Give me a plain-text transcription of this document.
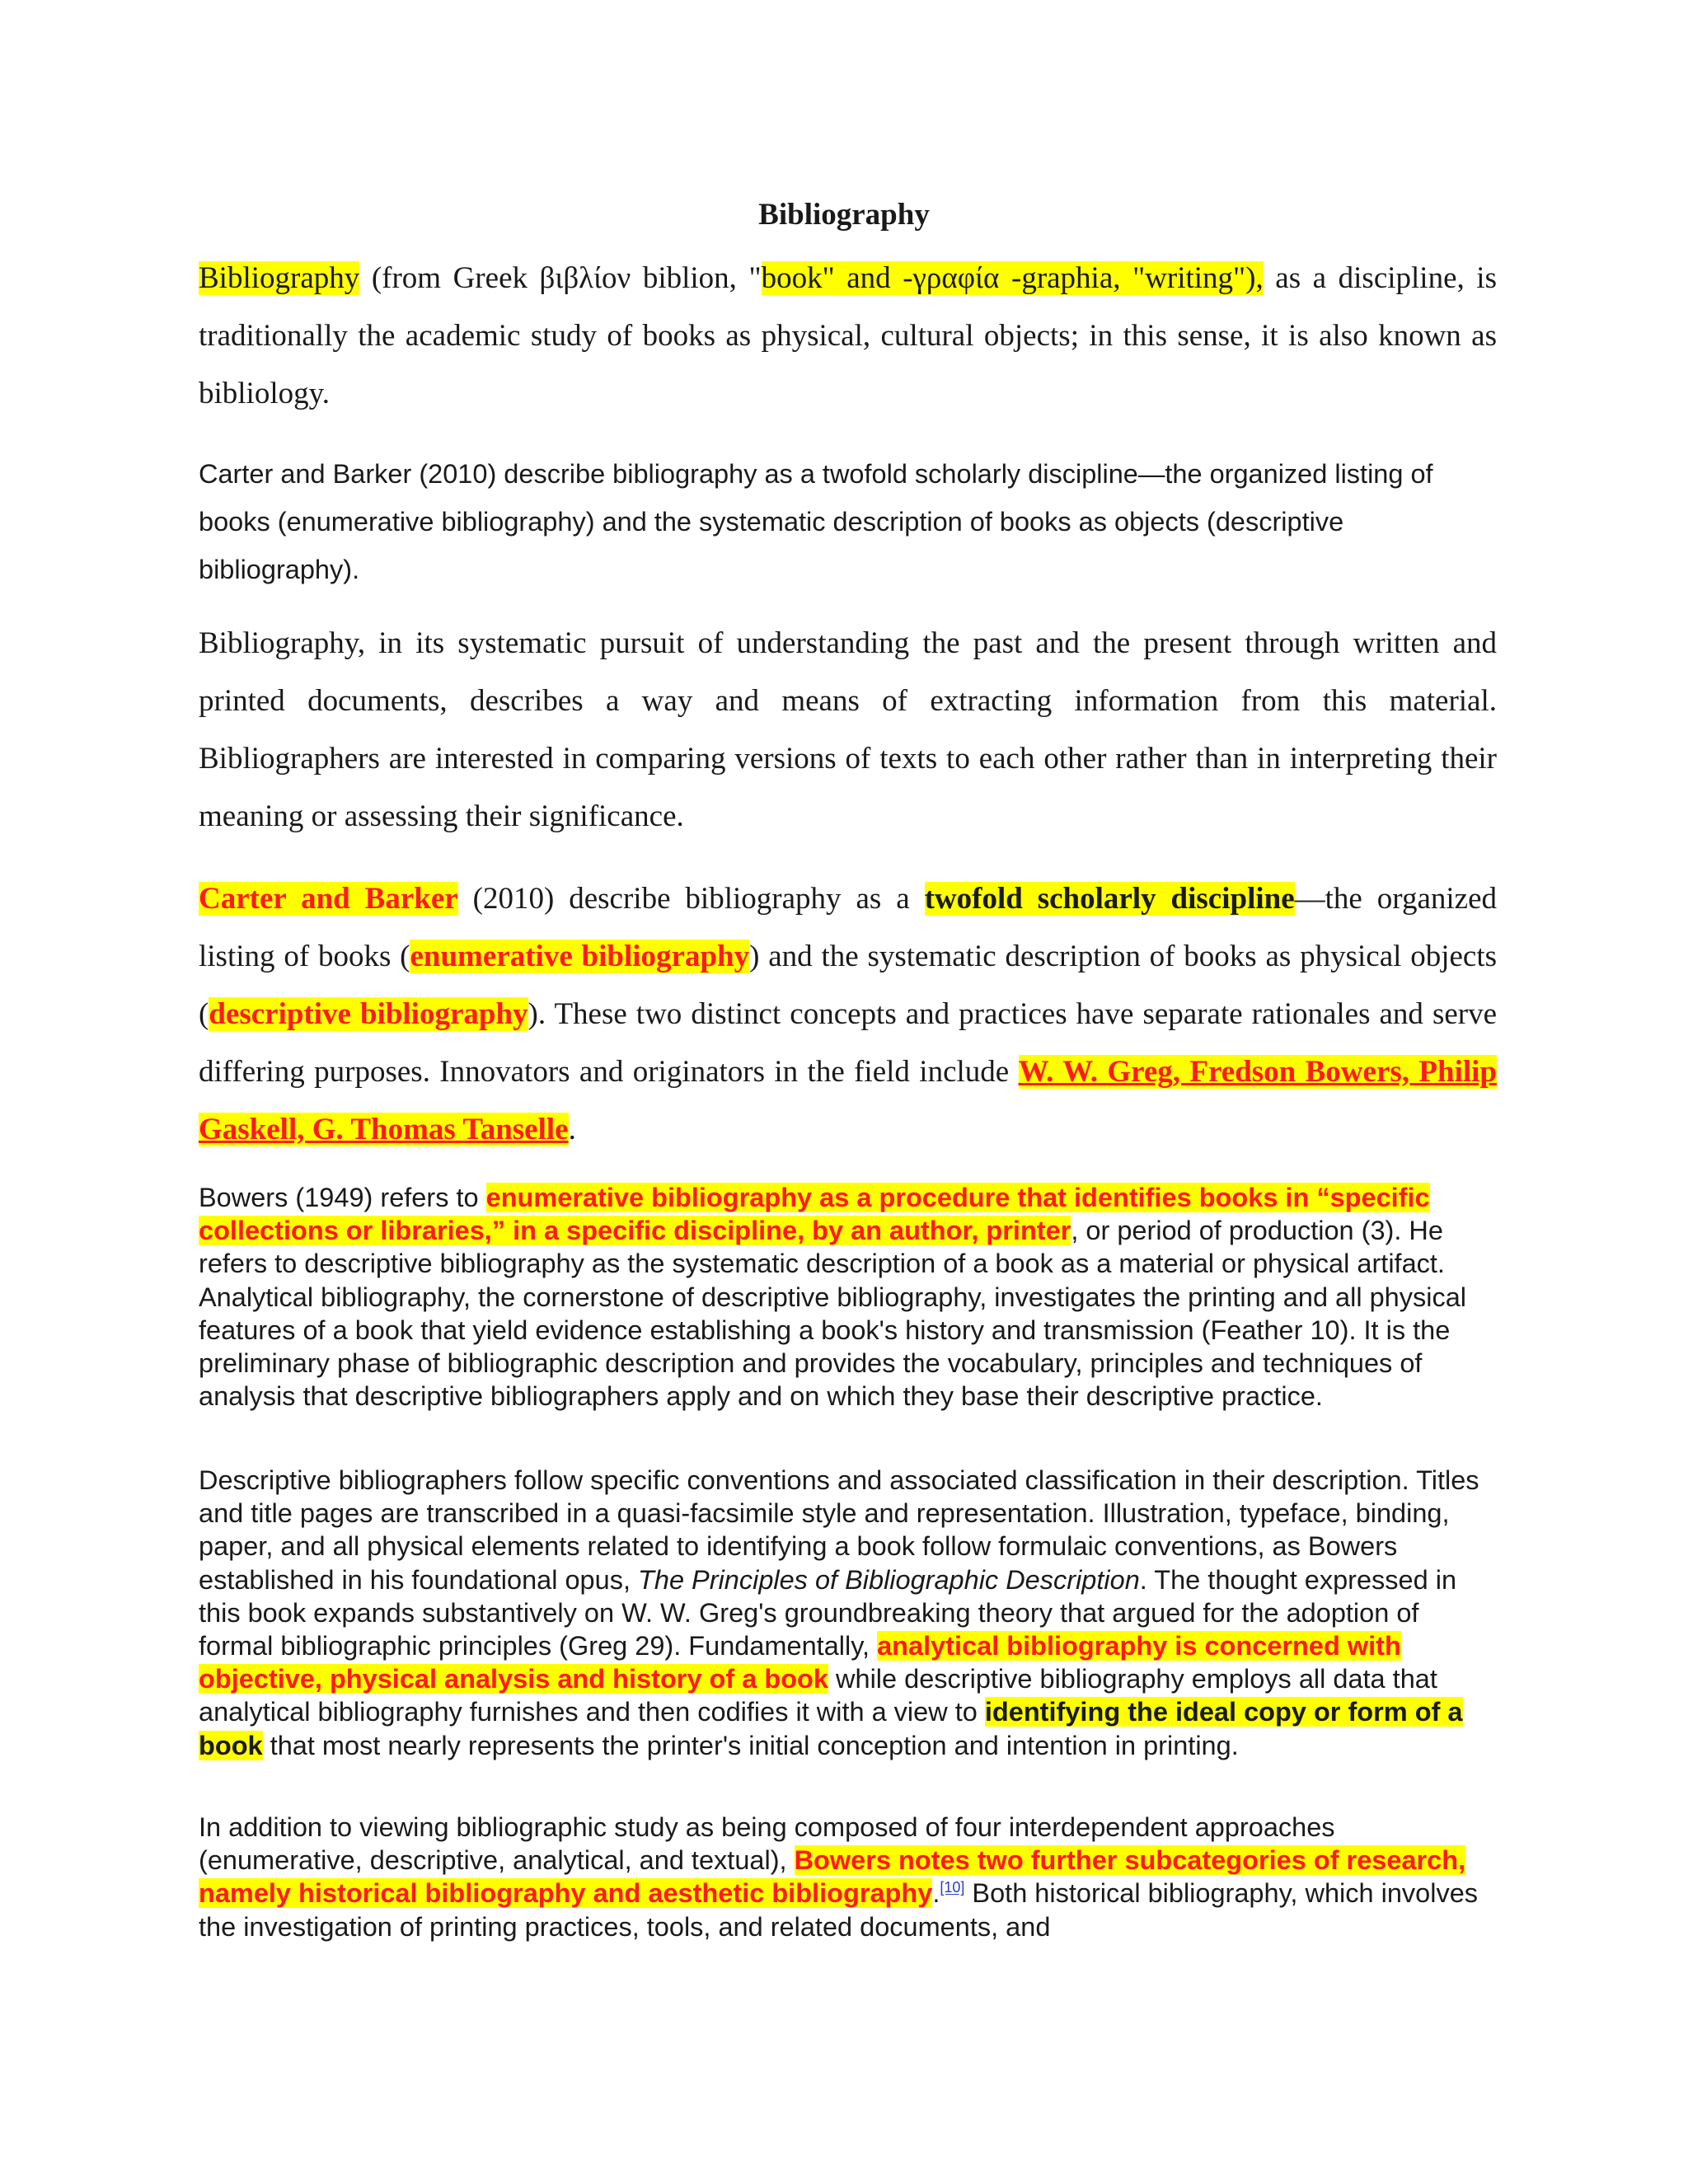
Bibliography
Bibliography (from Greek βιβλίον biblion, "book" and -γραφία -graphia, "writing"), as a discipline, is traditionally the academic study of books as physical, cultural objects; in this sense, it is also known as bibliology.
Carter and Barker (2010) describe bibliography as a twofold scholarly discipline—the organized listing of books (enumerative bibliography) and the systematic description of books as objects (descriptive bibliography).
Bibliography, in its systematic pursuit of understanding the past and the present through written and printed documents, describes a way and means of extracting information from this material. Bibliographers are interested in comparing versions of texts to each other rather than in interpreting their meaning or assessing their significance.
Carter and Barker (2010) describe bibliography as a twofold scholarly discipline—the organized listing of books (enumerative bibliography) and the systematic description of books as physical objects (descriptive bibliography). These two distinct concepts and practices have separate rationales and serve differing purposes. Innovators and originators in the field include W. W. Greg, Fredson Bowers, Philip Gaskell, G. Thomas Tanselle.
Bowers (1949) refers to enumerative bibliography as a procedure that identifies books in “specific collections or libraries,” in a specific discipline, by an author, printer, or period of production (3). He refers to descriptive bibliography as the systematic description of a book as a material or physical artifact. Analytical bibliography, the cornerstone of descriptive bibliography, investigates the printing and all physical features of a book that yield evidence establishing a book's history and transmission (Feather 10). It is the preliminary phase of bibliographic description and provides the vocabulary, principles and techniques of analysis that descriptive bibliographers apply and on which they base their descriptive practice.
Descriptive bibliographers follow specific conventions and associated classification in their description. Titles and title pages are transcribed in a quasi-facsimile style and representation. Illustration, typeface, binding, paper, and all physical elements related to identifying a book follow formulaic conventions, as Bowers established in his foundational opus, The Principles of Bibliographic Description. The thought expressed in this book expands substantively on W. W. Greg's groundbreaking theory that argued for the adoption of formal bibliographic principles (Greg 29). Fundamentally, analytical bibliography is concerned with objective, physical analysis and history of a book while descriptive bibliography employs all data that analytical bibliography furnishes and then codifies it with a view to identifying the ideal copy or form of a book that most nearly represents the printer's initial conception and intention in printing.
In addition to viewing bibliographic study as being composed of four interdependent approaches (enumerative, descriptive, analytical, and textual), Bowers notes two further subcategories of research, namely historical bibliography and aesthetic bibliography.[10] Both historical bibliography, which involves the investigation of printing practices, tools, and related documents, and
